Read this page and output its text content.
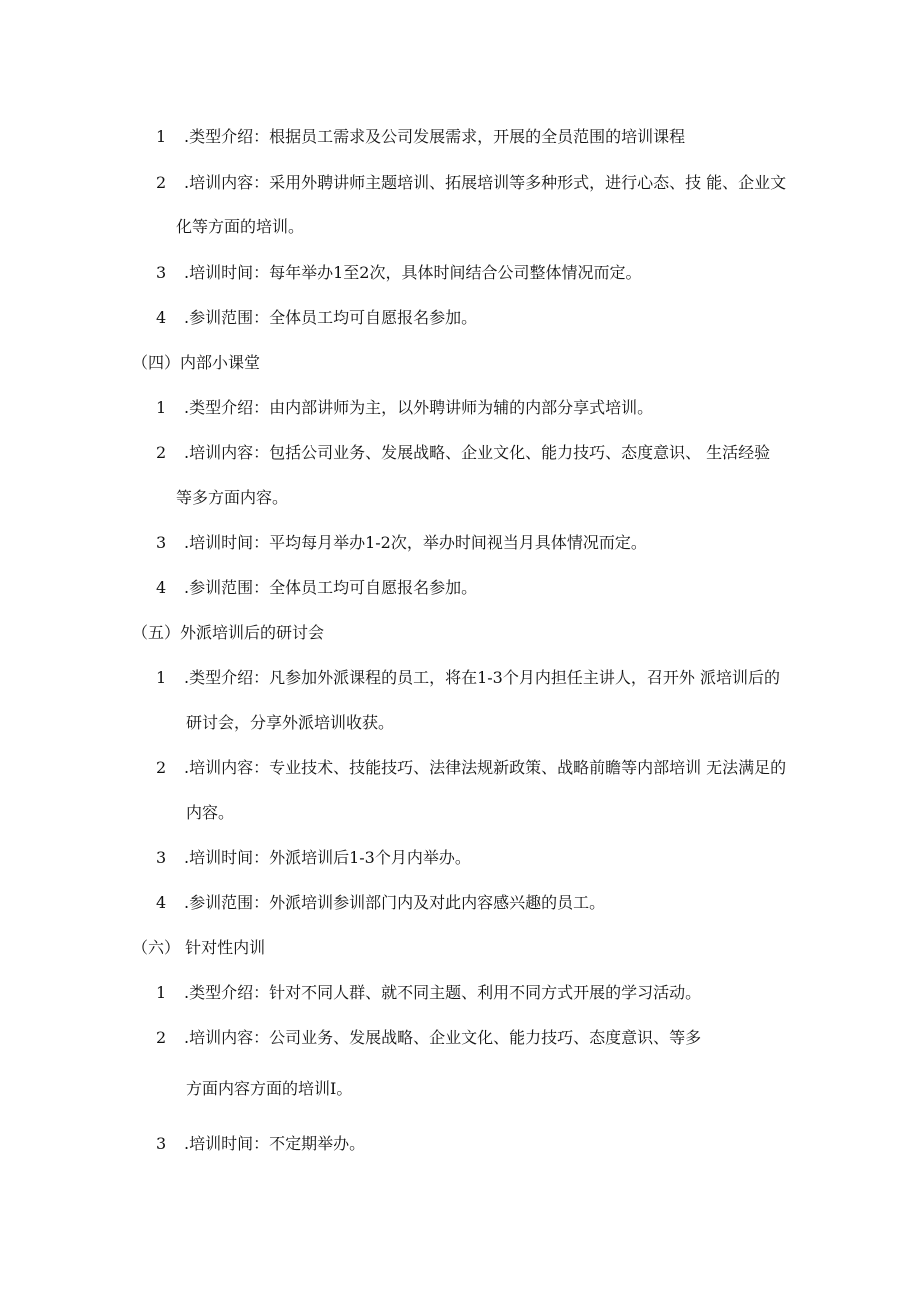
1 .类型介绍：根据员工需求及公司发展需求，开展的全员范围的培训课程
2 .培训内容：采用外聘讲师主题培训、拓展培训等多种形式，进行心态、技 能、企业文
化等方面的培训。
3 .培训时间：每年举办1至2次，具体时间结合公司整体情况而定。
4 .参训范围：全体员工均可自愿报名参加。
（四）内部小课堂
1 .类型介绍：由内部讲师为主，以外聘讲师为辅的内部分享式培训。
2 .培训内容：包括公司业务、发展战略、企业文化、能力技巧、态度意识、 生活经验
等多方面内容。
3 .培训时间：平均每月举办1-2次，举办时间视当月具体情况而定。
4 .参训范围：全体员工均可自愿报名参加。
（五）外派培训后的研讨会
1 .类型介绍：凡参加外派课程的员工，将在1-3个月内担任主讲人，召开外 派培训后的
研讨会，分享外派培训收获。
2 .培训内容：专业技术、技能技巧、法律法规新政策、战略前瞻等内部培训 无法满足的
内容。
3 .培训时间：外派培训后1-3个月内举办。
4 .参训范围：外派培训参训部门内及对此内容感兴趣的员工。
（六） 针对性内训
1 .类型介绍：针对不同人群、就不同主题、利用不同方式开展的学习活动。
2 .培训内容：公司业务、发展战略、企业文化、能力技巧、态度意识、等多
方面内容方面的培训I。
3 .培训时间：不定期举办。
